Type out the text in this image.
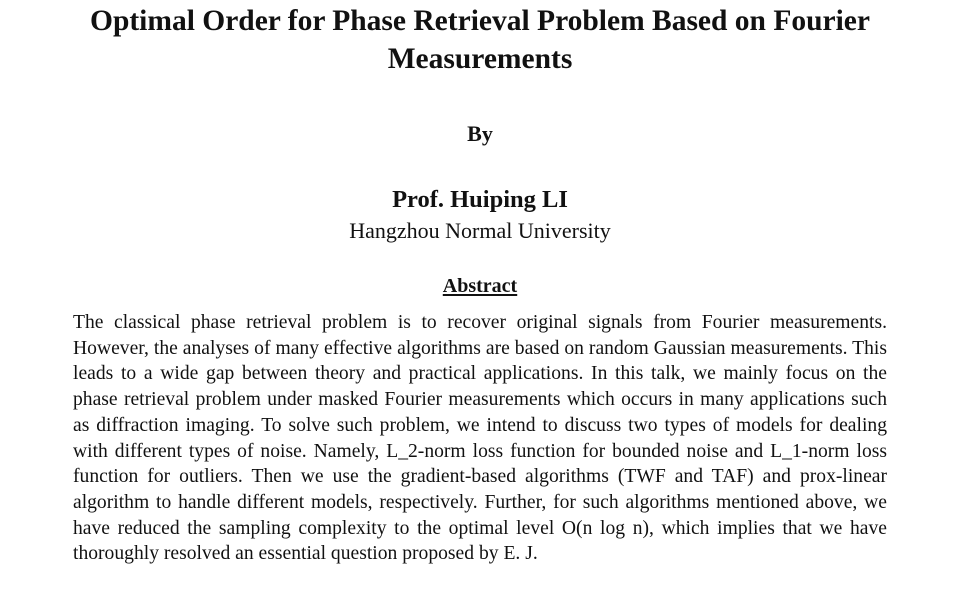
Optimal Order for Phase Retrieval Problem Based on Fourier Measurements
By
Prof. Huiping LI
Hangzhou Normal University
Abstract
The classical phase retrieval problem is to recover original signals from Fourier measurements. However, the analyses of many effective algorithms are based on random Gaussian measurements. This leads to a wide gap between theory and practical applications. In this talk, we mainly focus on the phase retrieval problem under masked Fourier measurements which occurs in many applications such as diffraction imaging. To solve such problem, we intend to discuss two types of models for dealing with different types of noise. Namely, L_2-norm loss function for bounded noise and L_1-norm loss function for outliers. Then we use the gradient-based algorithms (TWF and TAF) and prox-linear algorithm to handle different models, respectively. Further, for such algorithms mentioned above, we have reduced the sampling complexity to the optimal level O(n log n), which implies that we have thoroughly resolved an essential question proposed by E. J.
